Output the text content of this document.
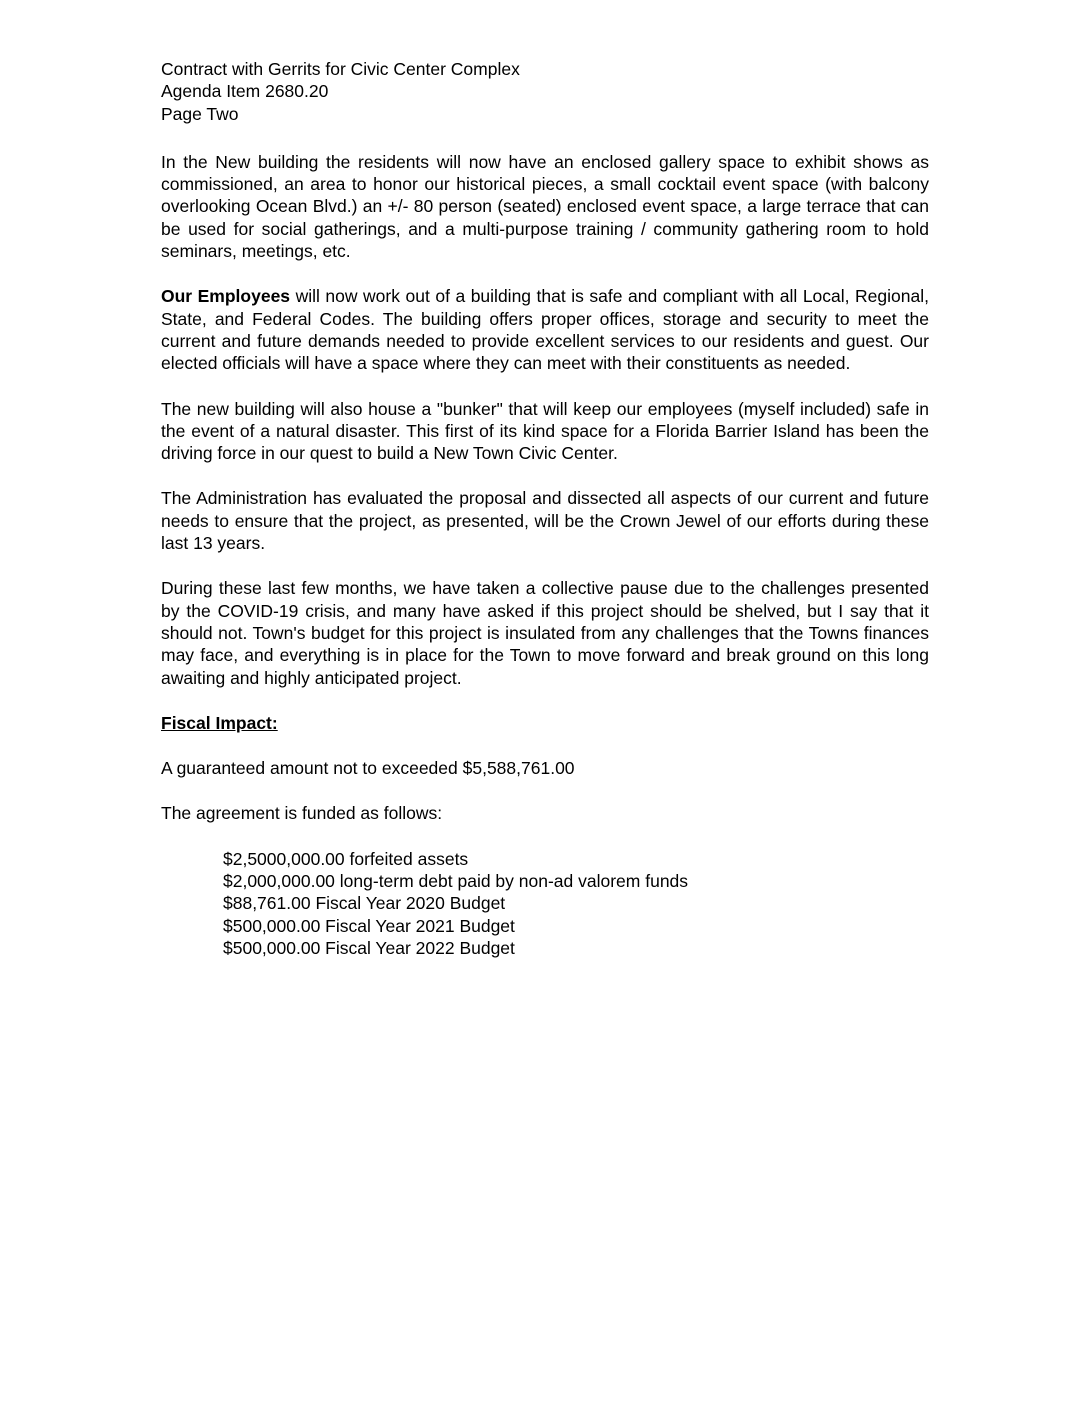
Contract with Gerrits for Civic Center Complex
Agenda Item 2680.20
Page Two

In the New building the residents will now have an enclosed gallery space to exhibit shows as commissioned, an area to honor our historical pieces, a small cocktail event space (with balcony overlooking Ocean Blvd.) an +/- 80 person (seated) enclosed event space, a large terrace that can be used for social gatherings, and a multi-purpose training / community gathering room to hold seminars, meetings, etc.

Our Employees will now work out of a building that is safe and compliant with all Local, Regional, State, and Federal Codes. The building offers proper offices, storage and security to meet the current and future demands needed to provide excellent services to our residents and guest. Our elected officials will have a space where they can meet with their constituents as needed.

The new building will also house a "bunker" that will keep our employees (myself included) safe in the event of a natural disaster. This first of its kind space for a Florida Barrier Island has been the driving force in our quest to build a New Town Civic Center.

The Administration has evaluated the proposal and dissected all aspects of our current and future needs to ensure that the project, as presented, will be the Crown Jewel of our efforts during these last 13 years.

During these last few months, we have taken a collective pause due to the challenges presented by the COVID-19 crisis, and many have asked if this project should be shelved, but I say that it should not. Town's budget for this project is insulated from any challenges that the Towns finances may face, and everything is in place for the Town to move forward and break ground on this long awaiting and highly anticipated project.

Fiscal Impact:

A guaranteed amount not to exceeded $5,588,761.00

The agreement is funded as follows:

$2,5000,000.00 forfeited assets
$2,000,000.00 long-term debt paid by non-ad valorem funds
$88,761.00 Fiscal Year 2020 Budget
$500,000.00 Fiscal Year 2021 Budget
$500,000.00 Fiscal Year 2022 Budget
